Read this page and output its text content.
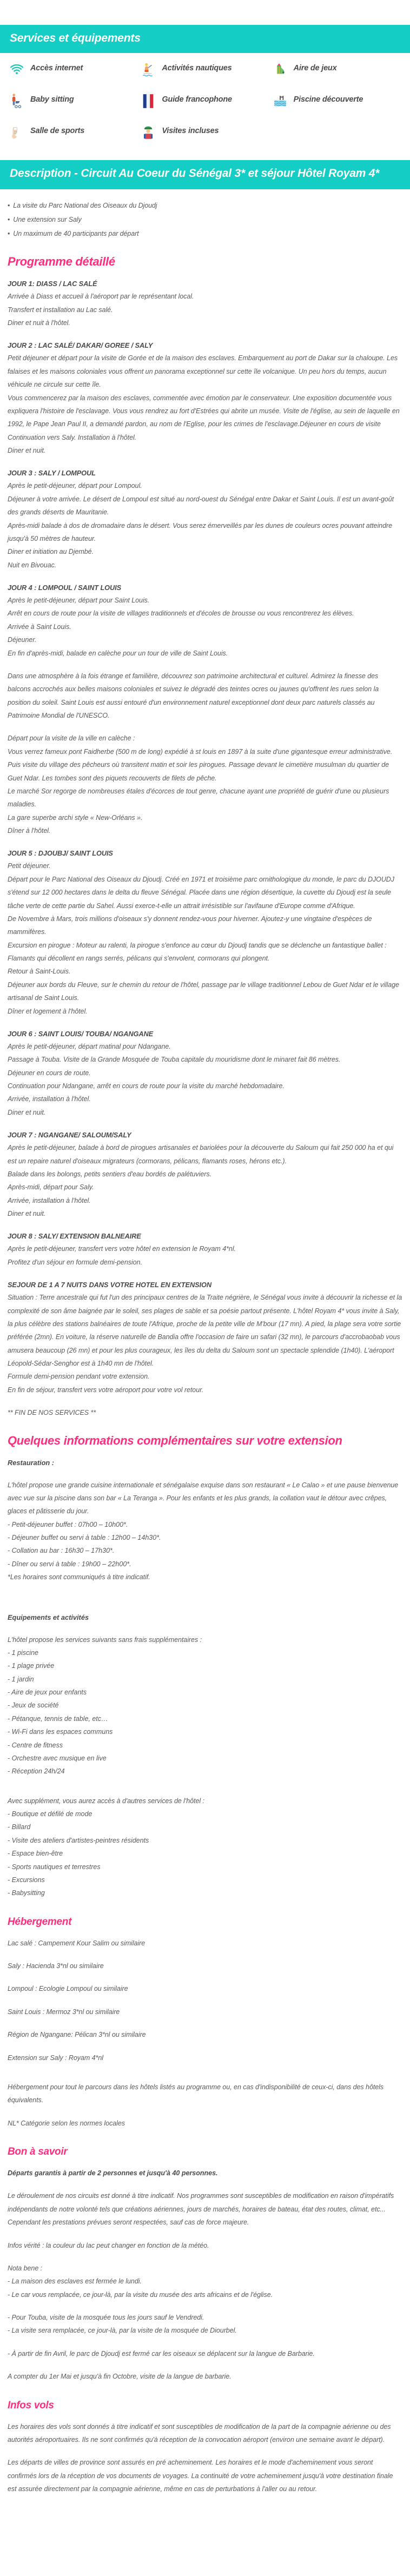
Services et équipements
Accès internet	Activités nautiques	Aire de jeux
Baby sitting	Guide francophone	Piscine découverte
Salle de sports	Visites incluses
Description - Circuit Au Coeur du Sénégal 3* et séjour Hôtel Royam 4*
• La visite du Parc National des Oiseaux du Djoudj
• Une extension sur Saly
• Un maximum de 40 participants par départ
Programme détaillé
JOUR 1: DIASS / LAC SALÉ

Arrivée à Diass et accueil à l'aéroport par le représentant local.

Transfert et installation au Lac salé.

Diner et nuit à l'hôtel.

JOUR 2 : LAC SALÉ/ DAKAR/ GOREE / SALY

Petit déjeuner et départ pour la visite de Gorée et de la maison des esclaves. Embarquement au port de Dakar sur la chaloupe. Les falaises et les maisons coloniales vous offrent un panorama exceptionnel sur cette île volcanique. Un peu hors du temps, aucun véhicule ne circule sur cette île.

Vous commencerez par la maison des esclaves, commentée avec émotion par le conservateur. Une exposition documentée vous expliquera l'histoire de l'esclavage. Vous vous rendrez au fort d'Estrées qui abrite un musée. Visite de l'église, au sein de laquelle en 1992, le Pape Jean Paul II, a demandé pardon, au nom de l'Eglise, pour les crimes de l'esclavage.Déjeuner en cours de visite

Continuation vers Saly. Installation à l'hôtel.

Diner et nuit.

JOUR 3 : SALY / LOMPOUL

Après le petit-déjeuner, départ pour Lompoul.

Déjeuner à votre arrivée. Le désert de Lompoul est situé au nord-ouest du Sénégal entre Dakar et Saint Louis. Il est un avant-goût des grands déserts de Mauritanie.

Après-midi balade à dos de dromadaire dans le désert. Vous serez émerveillés par les dunes de couleurs ocres pouvant atteindre jusqu'à 50 mètres de hauteur.

Diner et initiation au Djembé.

Nuit en Bivouac.

JOUR 4 : LOMPOUL / SAINT LOUIS

Après le petit-déjeuner, départ pour Saint Louis.

Arrêt en cours de route pour la visite de villages traditionnels et d'écoles de brousse ou vous rencontrerez les élèves.

Arrivée à Saint Louis.

Déjeuner.

En fin d'après-midi, balade en calèche pour un tour de ville de Saint Louis.

Dans une atmosphère à la fois étrange et familière, découvrez son patrimoine architectural et culturel. Admirez la finesse des balcons accrochés aux belles maisons coloniales et suivez le dégradé des teintes ocres ou jaunes qu'offrent les rues selon la position du soleil. Saint Louis est aussi entouré d'un environnement naturel exceptionnel dont deux parc naturels classés au Patrimoine Mondial de l'UNESCO.

Départ pour la visite de la ville en calèche :

Vous verrez fameux pont Faidherbe (500 m de long) expédié à st louis en 1897 à la suite d'une gigantesque erreur administrative. Puis visite du village des pêcheurs où transitent matin et soir les pirogues. Passage devant le cimetière musulman du quartier de Guet Ndar. Les tombes sont des piquets recouverts de filets de pêche.

Le marché Sor regorge de nombreuses étales d'écorces de tout genre, chacune ayant une propriété de guérir d'une ou plusieurs maladies.

La gare superbe archi style « New-Orléans ».

Dîner à l'hôtel.

JOUR 5 : DJOUBJ/ SAINT LOUIS

Petit déjeuner.

Départ pour le Parc National des Oiseaux du Djoudj. Créé en 1971 et troisième parc ornithologique du monde, le parc du DJOUDJ s'étend sur 12 000 hectares dans le delta du fleuve Sénégal. Placée dans une région désertique, la cuvette du Djoudj est la seule tâche verte de cette partie du Sahel. Aussi exerce-t-elle un attrait irrésistible sur l'avifaune d'Europe comme d'Afrique.

De Novembre à Mars, trois millions d'oiseaux s'y donnent rendez-vous pour hiverner. Ajoutez-y une vingtaine d'espèces de mammifères.

Excursion en pirogue : Moteur au ralenti, la pirogue s'enfonce au cœur du Djoudj tandis que se déclenche un fantastique ballet : Flamants qui décollent en rangs serrés, pélicans qui s'envolent, cormorans qui plongent.

Retour à Saint-Louis.

Déjeuner aux bords du Fleuve, sur le chemin du retour de l'hôtel, passage par le village traditionnel Lebou de Guet Ndar et le village artisanal de Saint Louis.

Dîner et logement à l'hôtel.

JOUR 6 : SAINT LOUIS/ TOUBA/ NGANGANE

Après le petit-déjeuner, départ matinal pour Ndangane.

Passage à Touba. Visite de la Grande Mosquée de Touba capitale du mouridisme dont le minaret fait 86 mètres.

Déjeuner en cours de route.

Continuation pour Ndangane, arrêt en cours de route pour la visite du marché hebdomadaire.

Arrivée, installation à l'hôtel.

Diner et nuit.

JOUR 7 : NGANGANE/ SALOUM/SALY

Après le petit-déjeuner, balade à bord de pirogues artisanales et bariolées pour la découverte du Saloum qui fait 250 000 ha et qui est un repaire naturel d'oiseaux migrateurs (cormorans, pélicans, flamants roses, hérons etc.).

Balade dans les bolongs, petits sentiers d'eau bordés de palétuviers.

Après-midi, départ pour Saly.

Arrivée, installation à l'hôtel.

Diner et nuit.

JOUR 8 : SALY/ EXTENSION BALNEAIRE

Après le petit-déjeuner, transfert vers votre hôtel en extension le Royam 4*nl.

Profitez d'un séjour en formule demi-pension.

SEJOUR DE 1 A 7 NUITS DANS VOTRE HOTEL EN EXTENSION

Situation : Terre ancestrale qui fut l'un des principaux centres de la Traite négrière, le Sénégal vous invite à découvrir la richesse et la complexité de son âme baignée par le soleil, ses plages de sable et sa poésie partout présente. L'hôtel Royam 4* vous invite à Saly, la plus célèbre des stations balnéaires de toute l'Afrique, proche de la petite ville de M'bour (17 mn). A pied, la plage sera votre sortie préférée (2mn). En voiture, la réserve naturelle de Bandia offre l'occasion de faire un safari (32 mn), le parcours d'accrobaobab vous amusera beaucoup (26 mn) et pour les plus courageux, les îles du delta du Saloum sont un spectacle splendide (1h40). L'aéroport Léopold-Sédar-Senghor est à 1h40 mn de l'hôtel.

Formule demi-pension pendant votre extension.

En fin de séjour, transfert vers votre aéroport pour votre vol retour.

** FIN DE NOS SERVICES **

Quelques informations complémentaires sur votre extension
Restauration :

L'hôtel propose une grande cuisine internationale et sénégalaise exquise dans son restaurant « Le Calao » et une pause bienvenue avec vue sur la piscine dans son bar « La Teranga ». Pour les enfants et les plus grands, la collation vaut le détour avec crêpes, glaces et pâtisserie du jour.

- Petit-déjeuner buffet : 07h00 – 10h00*.
- Déjeuner buffet ou servi à table : 12h00 – 14h30*.
- Collation au bar : 16h30 – 17h30*.
- Dîner ou servi à table : 19h00 – 22h00*.

*Les horaires sont communiqués à titre indicatif.

Equipements et activités

L'hôtel propose les services suivants sans frais supplémentaires :

- 1 piscine
- 1 plage privée
- 1 jardin
- Aire de jeux pour enfants
- Jeux de société
- Pétanque, tennis de table, etc…
- Wi-Fi dans les espaces communs
- Centre de fitness
- Orchestre avec musique en live
- Réception 24h/24

Avec supplément, vous aurez accès à d'autres services de l'hôtel :

- Boutique et défilé de mode
- Billard
- Visite des ateliers d'artistes-peintres résidents
- Espace bien-être
- Sports nautiques et terrestres
- Excursions
- Babysitting
Hébergement

Lac salé : Campement Kour Salim ou similaire

Saly : Hacienda 3*nl ou similaire

Lompoul : Ecologie Lompoul ou similaire

Saint Louis : Mermoz 3*nl ou similaire

Région de Ngangane: Pélican 3*nl ou similaire

Extension sur Saly : Royam 4*nl

Hébergement pour tout le parcours dans les hôtels listés au programme ou, en cas d'indisponibilité de ceux-ci, dans des hôtels équivalents.

NL* Catégorie selon les normes locales

Bon à savoir

Départs garantis à partir de 2 personnes et jusqu'à 40 personnes.

Le déroulement de nos circuits est donné à titre indicatif. Nos programmes sont susceptibles de modification en raison d'impératifs indépendants de notre volonté tels que créations aériennes, jours de marchés, horaires de bateau, état des routes, climat, etc... Cependant les prestations prévues seront respectées, sauf cas de force majeure.

Infos vérité : la couleur du lac peut changer en fonction de la météo.

Nota bene :

- La maison des esclaves est fermée le lundi.

- Le car vous remplacée, ce jour-là, par la visite du musée des arts africains et de l'église.

- Pour Touba, visite de la mosquée tous les jours sauf le Vendredi.

- La visite sera remplacée, ce jour-là, par la visite de la mosquée de Diourbel.

- À partir de fin Avril, le parc de Djoudj est fermé car les oiseaux se déplacent sur la langue de Barbarie.

A compter du 1er Mai et jusqu'à fin Octobre, visite de la langue de barbarie.

Infos vols

Les horaires des vols sont donnés à titre indicatif et sont susceptibles de modification de la part de la compagnie aérienne ou des autorités aéroportuaires. Ils ne sont confirmés qu'à réception de la convocation aéroport (environ une semaine avant le départ).

Les départs de villes de province sont assurés en pré acheminement. Les horaires et le mode d'acheminement vous seront confirmés lors de la réception de vos documents de voyages. La continuité de votre acheminement jusqu'à votre destination finale est assurée directement par la compagnie aérienne, même en cas de perturbations à l'aller ou au retour.
